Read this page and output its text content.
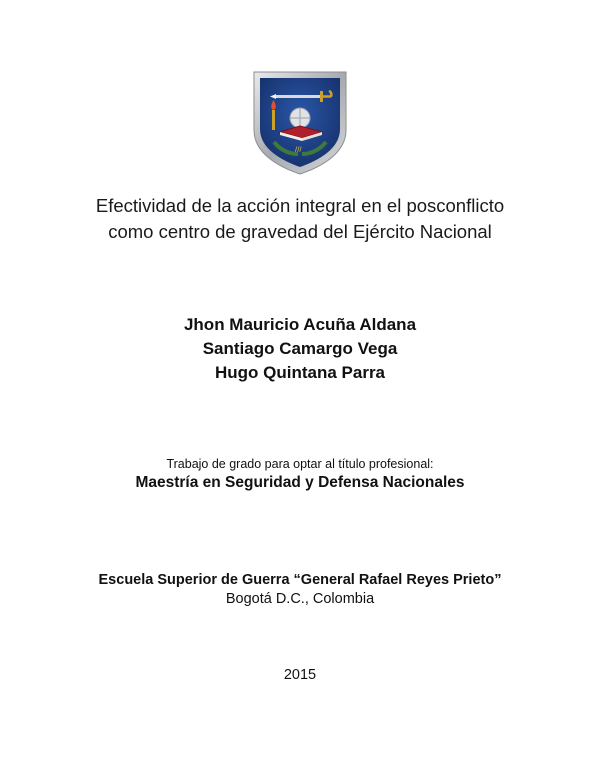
///
Efectividad de la acción integral en el posconflicto
como centro de gravedad del Ejército Nacional
Jhon Mauricio Acuña Aldana
Santiago Camargo Vega
Hugo Quintana Parra
Trabajo de grado para optar al título profesional:
Maestría en Seguridad y Defensa Nacionales
Escuela Superior de Guerra “General Rafael Reyes Prieto”
Bogotá D.C., Colombia
2015
